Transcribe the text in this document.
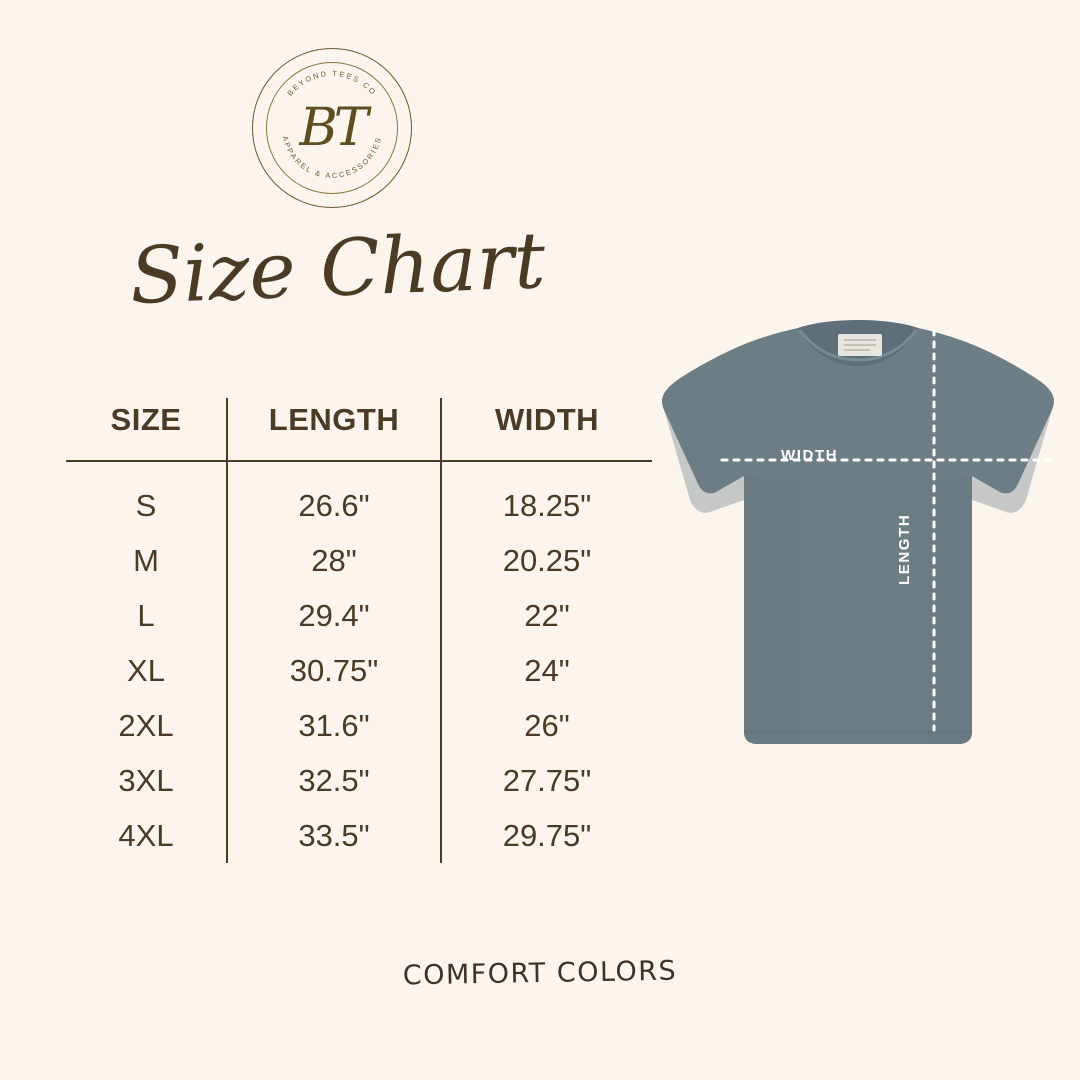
BEYOND TEES CO
APPAREL & ACCESSORIES
BT
Size Chart
SIZE	LENGTH	WIDTH
S	26.6"	18.25"
M	28"	20.25"
L	29.4"	22"
XL	30.75"	24"
2XL	31.6"	26"
3XL	32.5"	27.75"
4XL	33.5"	29.75"
WIDTH
LENGTH
COMFORT COLORS
